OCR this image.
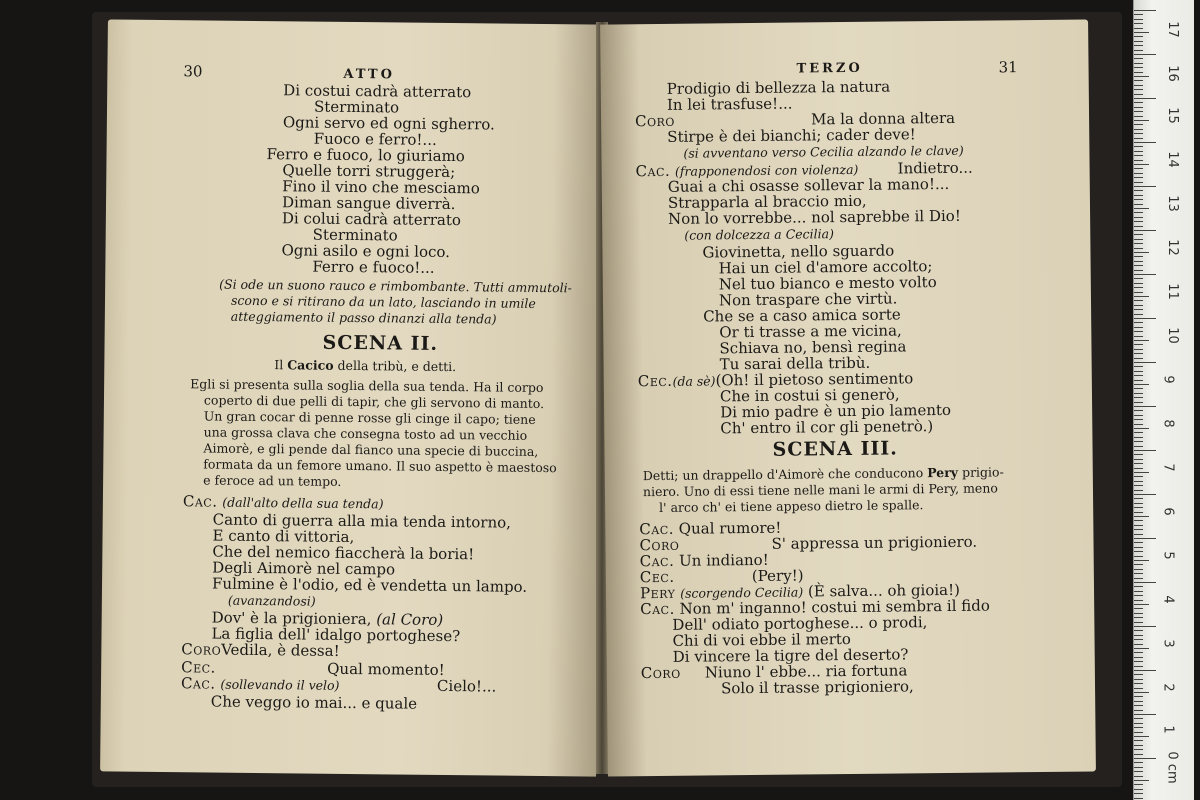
30	ATTO
Di costui cadrà atterrato
Sterminato
Ogni servo ed ogni sgherro.
Fuoco e ferro!...
Ferro e fuoco, lo giuriamo
Quelle torri struggerà;
Fino il vino che mesciamo
Diman sangue diverrà.
Di colui cadrà atterrato
Sterminato
Ogni asilo e ogni loco.
Ferro e fuoco!...
(Si ode un suono rauco e rimbombante. Tutti ammutoli-
scono e si ritirano da un lato, lasciando in umile
atteggiamento il passo dinanzi alla tenda)
SCENA II.
Il Cacico della tribù, e detti.
Egli si presenta sulla soglia della sua tenda. Ha il corpo
coperto di due pelli di tapir, che gli servono di manto.
Un gran cocar di penne rosse gli cinge il capo; tiene
una grossa clava che consegna tosto ad un vecchio
Aimorè, e gli pende dal fianco una specie di buccina,
formata da un femore umano. Il suo aspetto è maestoso
e feroce ad un tempo.
Cac. (dall'alto della sua tenda)
Canto di guerra alla mia tenda intorno,
E canto di vittoria,
Che del nemico fiaccherà la boria!
Degli Aimorè nel campo
Fulmine è l'odio, ed è vendetta un lampo.
(avanzandosi)
Dov' è la prigioniera, (al Coro)
La figlia dell' idalgo portoghese?
CoroVedila, è dessa!
Cec.	Qual momento!
Cac. (sollevando il velo)	Cielo!...
Che veggo io mai... e quale
TERZO	31
Prodigio di bellezza la natura
In lei trasfuse!...
Coro	Ma la donna altera
Stirpe è dei bianchi; cader deve!
(si avventano verso Cecilia alzando le clave)
Cac. (frapponendosi con violenza)	Indietro...
Guai a chi osasse sollevar la mano!...
Strapparla al braccio mio,
Non lo vorrebbe... nol saprebbe il Dio!
(con dolcezza a Cecilia)
Giovinetta, nello sguardo
Hai un ciel d'amore accolto;
Nel tuo bianco e mesto volto
Non traspare che virtù.
Che se a caso amica sorte
Or ti trasse a me vicina,
Schiava no, bensì regina
Tu sarai della tribù.
Cec.(da sè)(Oh! il pietoso sentimento
Che in costui si generò,
Di mio padre è un pio lamento
Ch' entro il cor gli penetrò.)
SCENA III.
Detti; un drappello d'Aimorè che conducono Pery prigio-
niero. Uno di essi tiene nelle mani le armi di Pery, meno
l' arco ch' ei tiene appeso dietro le spalle.
Cac. Qual rumore!
Coro	S' appressa un prigioniero.
Cac. Un indiano!
Cec.	(Pery!)
Pery (scorgendo Cecilia) (È salva... oh gioia!)
Cac. Non m' inganno! costui mi sembra il fido
Dell' odiato portoghese... o prodi,
Chi di voi ebbe il merto
Di vincere la tigre del deserto?
Coro Niuno l' ebbe... ria fortuna
Solo il trasse prigioniero,
17
16
15
14
13
12
11
10
9
8
7
6
5
4
3
2
1
0 cm
